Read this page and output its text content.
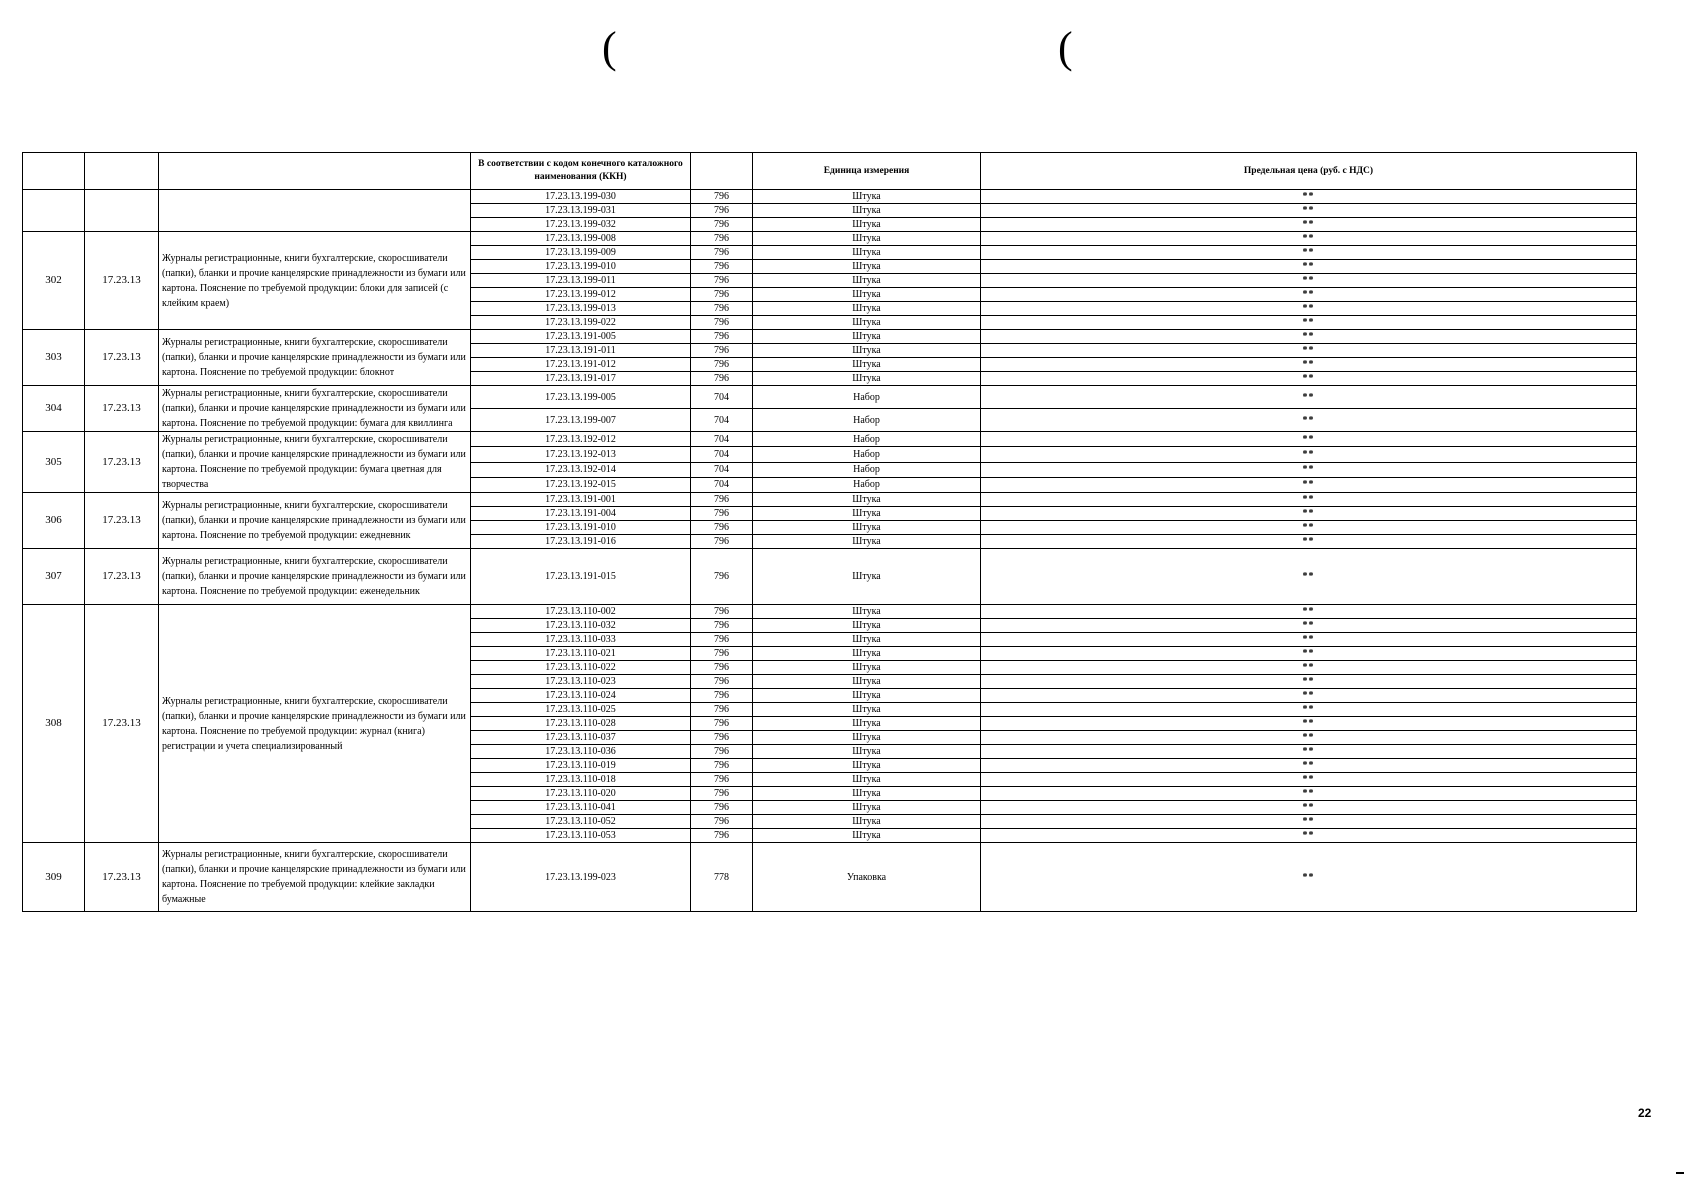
(	(
			В соответствии с кодом конечного каталожного наименования (ККН)		Единица измерения	Предельная цена (руб. с НДС)
			17.23.13.199-030	796	Штука	**
			17.23.13.199-031	796	Штука	**
			17.23.13.199-032	796	Штука	**
302	17.23.13	Журналы регистрационные, книги бухгалтерские, скоросшиватели (папки), бланки и прочие канцелярские принадлежности из бумаги или картона. Пояснение по требуемой продукции: блоки для записей (с клейким краем)	17.23.13.199-008	796	Штука	**
			17.23.13.199-009	796	Штука	**
			17.23.13.199-010	796	Штука	**
			17.23.13.199-011	796	Штука	**
			17.23.13.199-012	796	Штука	**
			17.23.13.199-013	796	Штука	**
			17.23.13.199-022	796	Штука	**
303	17.23.13	Журналы регистрационные, книги бухгалтерские, скоросшиватели (папки), бланки и прочие канцелярские принадлежности из бумаги или картона. Пояснение по требуемой продукции: блокнот	17.23.13.191-005	796	Штука	**
			17.23.13.191-011	796	Штука	**
			17.23.13.191-012	796	Штука	**
			17.23.13.191-017	796	Штука	**
304	17.23.13	Журналы регистрационные, книги бухгалтерские, скоросшиватели (папки), бланки и прочие канцелярские принадлежности из бумаги или картона. Пояснение по требуемой продукции: бумага для квиллинга	17.23.13.199-005	704	Набор	**
			17.23.13.199-007	704	Набор	**
305	17.23.13	Журналы регистрационные, книги бухгалтерские, скоросшиватели (папки), бланки и прочие канцелярские принадлежности из бумаги или картона. Пояснение по требуемой продукции: бумага цветная для творчества	17.23.13.192-012	704	Набор	**
			17.23.13.192-013	704	Набор	**
			17.23.13.192-014	704	Набор	**
			17.23.13.192-015	704	Набор	**
306	17.23.13	Журналы регистрационные, книги бухгалтерские, скоросшиватели (папки), бланки и прочие канцелярские принадлежности из бумаги или картона. Пояснение по требуемой продукции: ежедневник	17.23.13.191-001	796	Штука	**
			17.23.13.191-004	796	Штука	**
			17.23.13.191-010	796	Штука	**
			17.23.13.191-016	796	Штука	**
307	17.23.13	Журналы регистрационные, книги бухгалтерские, скоросшиватели (папки), бланки и прочие канцелярские принадлежности из бумаги или картона. Пояснение по требуемой продукции: еженедельник	17.23.13.191-015	796	Штука	**
308	17.23.13	Журналы регистрационные, книги бухгалтерские, скоросшиватели (папки), бланки и прочие канцелярские принадлежности из бумаги или картона. Пояснение по требуемой продукции: журнал (книга) регистрации и учета специализированный	17.23.13.110-002	796	Штука	**
			17.23.13.110-032	796	Штука	**
			17.23.13.110-033	796	Штука	**
			17.23.13.110-021	796	Штука	**
			17.23.13.110-022	796	Штука	**
			17.23.13.110-023	796	Штука	**
			17.23.13.110-024	796	Штука	**
			17.23.13.110-025	796	Штука	**
			17.23.13.110-028	796	Штука	**
			17.23.13.110-037	796	Штука	**
			17.23.13.110-036	796	Штука	**
			17.23.13.110-019	796	Штука	**
			17.23.13.110-018	796	Штука	**
			17.23.13.110-020	796	Штука	**
			17.23.13.110-041	796	Штука	**
			17.23.13.110-052	796	Штука	**
			17.23.13.110-053	796	Штука	**
309	17.23.13	Журналы регистрационные, книги бухгалтерские, скоросшиватели (папки), бланки и прочие канцелярские принадлежности из бумаги или картона. Пояснение по требуемой продукции: клейкие закладки бумажные	17.23.13.199-023	778	Упаковка	**
22
